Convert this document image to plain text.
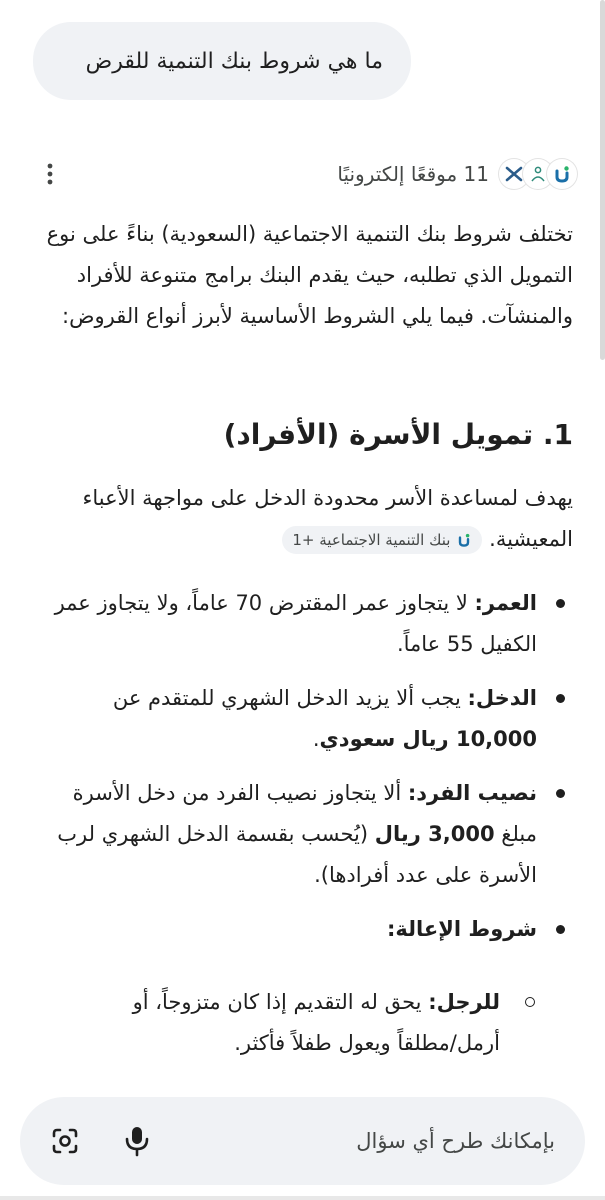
ما هي شروط بنك التنمية للقرض
11 موقعًا إلكترونيًا

تختلف شروط بنك التنمية الاجتماعية (السعودية) بناءً على نوع التمويل الذي تطلبه، حيث يقدم البنك برامج متنوعة للأفراد والمنشآت. فيما يلي الشروط الأساسية لأبرز أنواع القروض:

1. تمويل الأسرة (الأفراد)
يهدف لمساعدة الأسر محدودة الدخل على مواجهة الأعباء المعيشية.
بنك التنمية الاجتماعية +1
العمر: لا يتجاوز عمر المقترض 70 عاماً، ولا يتجاوز عمر الكفيل 55 عاماً.
الدخل: يجب ألا يزيد الدخل الشهري للمتقدم عن 10,000 ريال سعودي.
نصيب الفرد: ألا يتجاوز نصيب الفرد من دخل الأسرة مبلغ 3,000 ريال (يُحسب بقسمة الدخل الشهري لرب الأسرة على عدد أفرادها).
شروط الإعالة:
للرجل: يحق له التقديم إذا كان متزوجاً، أو أرمل/مطلقاً ويعول طفلاً فأكثر.
بإمكانك طرح أي سؤال
